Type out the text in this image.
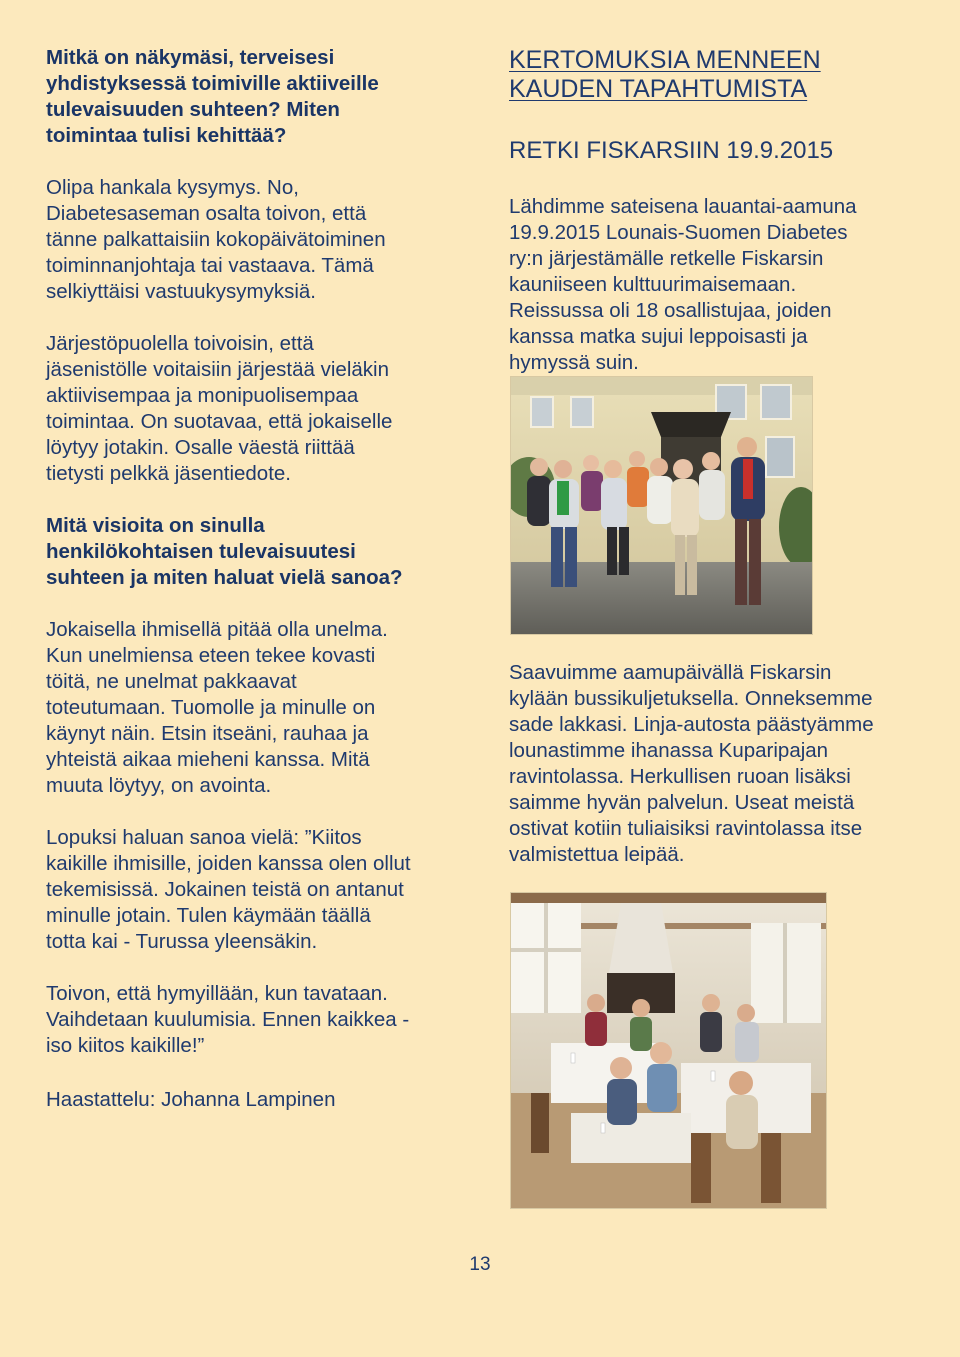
Mitkä on näkymäsi, terveisesi
yhdistyksessä toimiville aktiiveille
tulevaisuuden suhteen? Miten
toimintaa tulisi kehittää?

Olipa hankala kysymys. No,
Diabetesaseman osalta toivon, että
tänne palkattaisiin kokopäivätoiminen
toiminnanjohtaja tai vastaava. Tämä
selkiyttäisi vastuukysymyksiä.

Järjestöpuolella toivoisin, että
jäsenistölle voitaisiin järjestää vieläkin
aktiivisempaa ja monipuolisempaa
toimintaa. On suotavaa, että jokaiselle
löytyy jotakin. Osalle väestä riittää
tietysti pelkkä jäsentiedote.

Mitä visioita on sinulla
henkilökohtaisen tulevaisuutesi
suhteen ja miten haluat vielä sanoa?

Jokaisella ihmisellä pitää olla unelma.
Kun unelmiensa eteen tekee kovasti
töitä, ne unelmat pakkaavat
toteutumaan. Tuomolle ja minulle on
käynyt näin. Etsin itseäni, rauhaa ja
yhteistä aikaa mieheni kanssa. Mitä
muuta löytyy, on avointa.

Lopuksi haluan sanoa vielä: ”Kiitos
kaikille ihmisille, joiden kanssa olen ollut
tekemisissä. Jokainen teistä on antanut
minulle jotain. Tulen käymään täällä
totta kai - Turussa yleensäkin.

Toivon, että hymyillään, kun tavataan.
Vaihdetaan kuulumisia. Ennen kaikkea -
iso kiitos kaikille!”

Haastattelu: Johanna Lampinen

KERTOMUKSIA MENNEEN
KAUDEN TAPAHTUMISTA

RETKI FISKARSIIN 19.9.2015

Lähdimme sateisena lauantai-aamuna
19.9.2015 Lounais-Suomen Diabetes
ry:n järjestämälle retkelle Fiskarsin
kauniiseen kulttuurimaisemaan.
Reissussa oli 18 osallistujaa, joiden
kanssa matka sujui leppoisasti ja
hymyssä suin.

Saavuimme aamupäivällä Fiskarsin
kylään bussikuljetuksella. Onneksemme
sade lakkasi. Linja-autosta päästyämme
lounastimme ihanassa Kuparipajan
ravintolassa. Herkullisen ruoan lisäksi
saimme hyvän palvelun. Useat meistä
ostivat kotiin tuliaisiksi ravintolassa itse
valmistettua leipää.

13
